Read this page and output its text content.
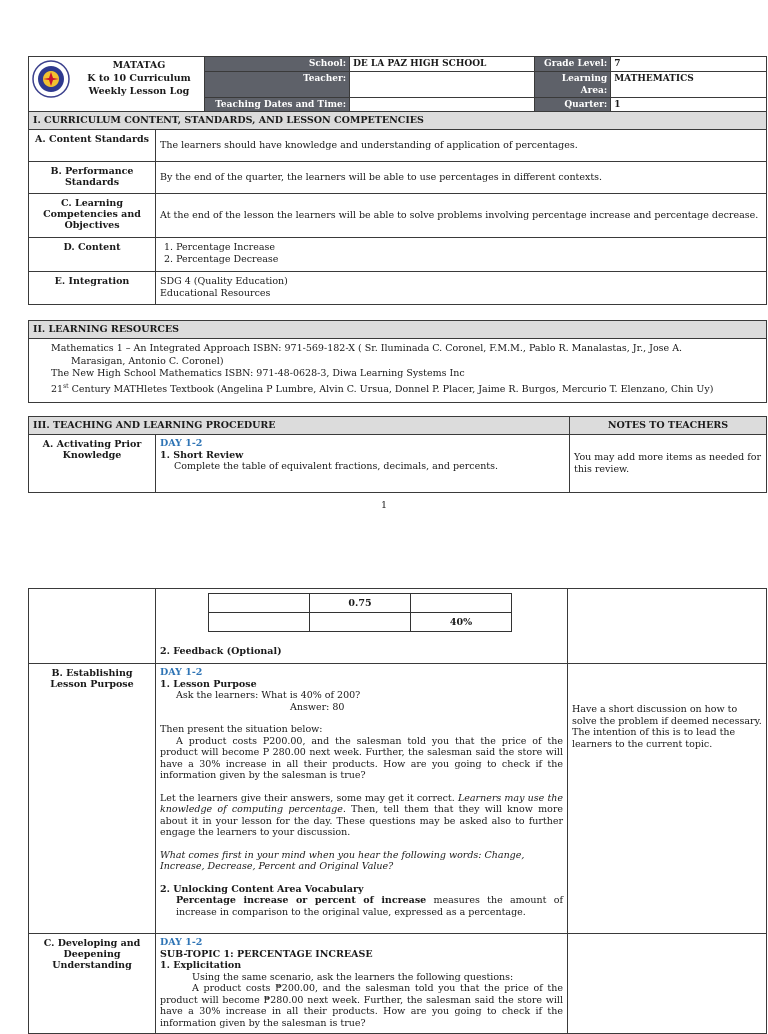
MATATAG
K to 10 Curriculum
Weekly Lesson Log	School:	DE LA PAZ HIGH SCHOOL	Grade Level:	7
	Teacher:		Learning Area:	MATHEMATICS
	Teaching Dates and Time:		Quarter:	1
I. CURRICULUM CONTENT, STANDARDS, AND LESSON COMPETENCIES	
A. Content Standards	The learners should have knowledge and understanding of application of percentages.
B. Performance Standards	By the end of the quarter, the learners will be able to use percentages in different contexts.
C. Learning Competencies and Objectives	At the end of the lesson the learners will be able to solve problems involving percentage increase and percentage decrease.
D. Content	1. Percentage Increase
2. Percentage Decrease

E. Integration	SDG 4 (Quality Education)
Educational Resources
II. LEARNING RESOURCES

Mathematics 1 – An Integrated Approach ISBN: 971-569-182-X ( Sr. Iluminada C. Coronel, F.M.M., Pablo R. Manalastas, Jr., Jose A.
Marasigan, Antonio C. Coronel)
The New High School Mathematics ISBN: 971-48-0628-3, Diwa Learning Systems Inc
21st Century MATHletes Textbook (Angelina P Lumbre, Alvin C. Ursua, Donnel P. Placer, Jaime R. Burgos, Mercurio T. Elenzano, Chin Uy)
III. TEACHING AND LEARNING PROCEDURE		NOTES TO TEACHERS
A. Activating Prior Knowledge	DAY 1-2
1. Short Review
Complete the table of equivalent fractions, decimals, and percents.	You may add more items as needed for this review.
1

	0.75	
		40%
2. Feedback (Optional)

B. Establishing Lesson Purpose	
DAY 1-2
1. Lesson Purpose
Ask the learners: What is 40% of 200?
Answer: 80
Then present the situation below:
A product costs P200.00, and the salesman told you that the price of the product will become P 280.00 next week. Further, the salesman said the store will have a 30% increase in all their products. How are you going to check if the information given by the salesman is true?
Let the learners give their answers, some may get it correct. Learners may use the knowledge of computing percentage. Then, tell them that they will know more about it in your lesson for the day. These questions may be asked also to further engage the learners to your discussion.
What comes first in your mind when you hear the following words: Change, Increase, Decrease, Percent and Original Value?
2. Unlocking Content Area Vocabulary
Percentage increase or percent of increase measures the amount of increase in comparison to the original value, expressed as a percentage.
	Have a short discussion on how to solve the problem if deemed necessary. The intention of this is to lead the learners to the current topic.
C. Developing and Deepening Understanding	
DAY 1-2
SUB-TOPIC 1: PERCENTAGE INCREASE
1. Explicitation
Using the same scenario, ask the learners the following questions:
A product costs ₱200.00, and the salesman told you that the price of the product will become ₱280.00 next week. Further, the salesman said the store will have a 30% increase in all their products. How are you going to check if the information given by the salesman is true?
